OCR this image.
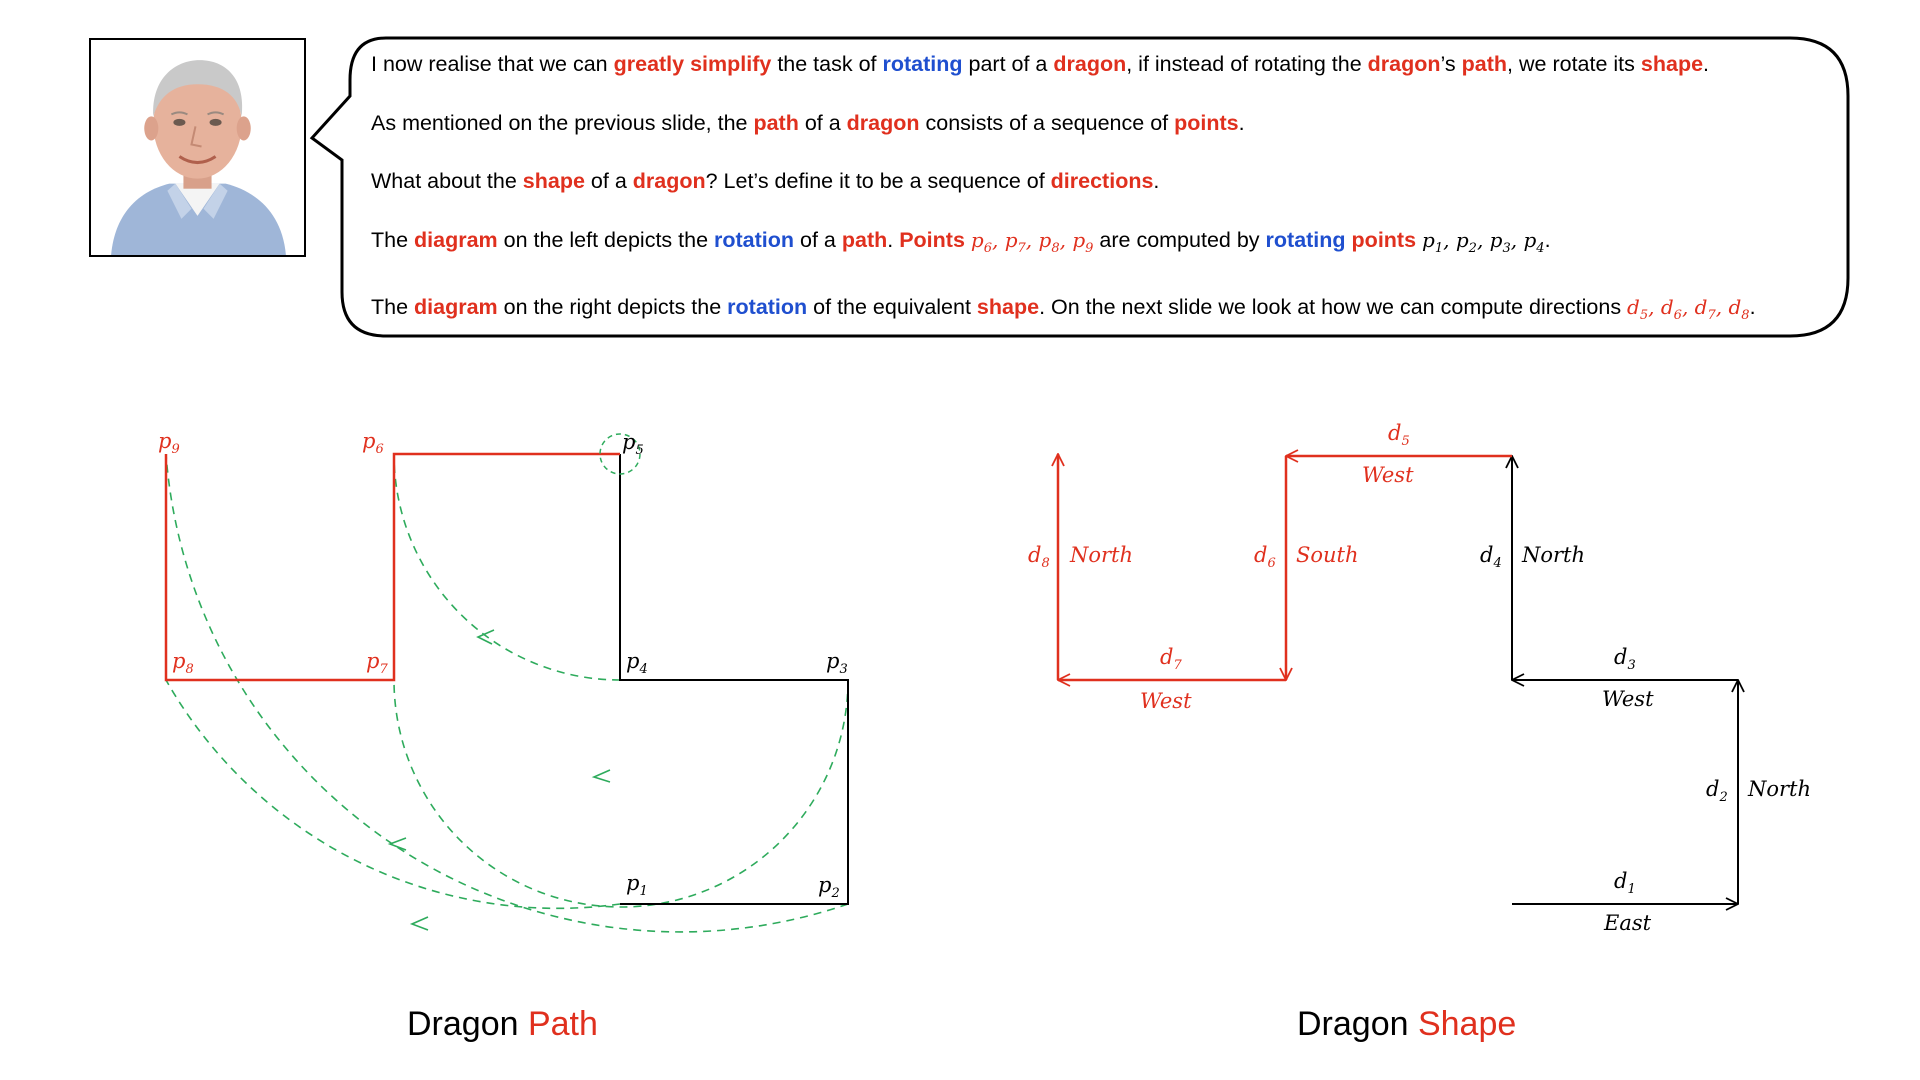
I now realise that we can greatly simplify the task of rotating part of a dragon, if instead of rotating the dragon’s path, we rotate its shape.

As mentioned on the previous slide, the path of a dragon consists of a sequence of points.

What about the shape of a dragon? Let’s define it to be a sequence of directions.

The diagram on the left depicts the rotation of a path. Points $p_6$, $p_7$, $p_8$, $p_9$ are computed by rotating points $p_1$, $p_2$, $p_3$, $p_4$.

The diagram on the right depicts the rotation of the equivalent shape. On the next slide we look at how we can compute directions $d_5$, $d_6$, $d_7$, $d_8$.

$p_1$	$p_2$
$p_3$
$p_4$
$p_5$
$p_6$
$p_7$
$p_8$
$p_9$
$d_1$
$d_2$
$d_3$
$d_4$
$d_5$
$d_6$
$d_7$
$d_8$
East
North
West
North
West
South
West
North
Dragon Path	Dragon Shape
